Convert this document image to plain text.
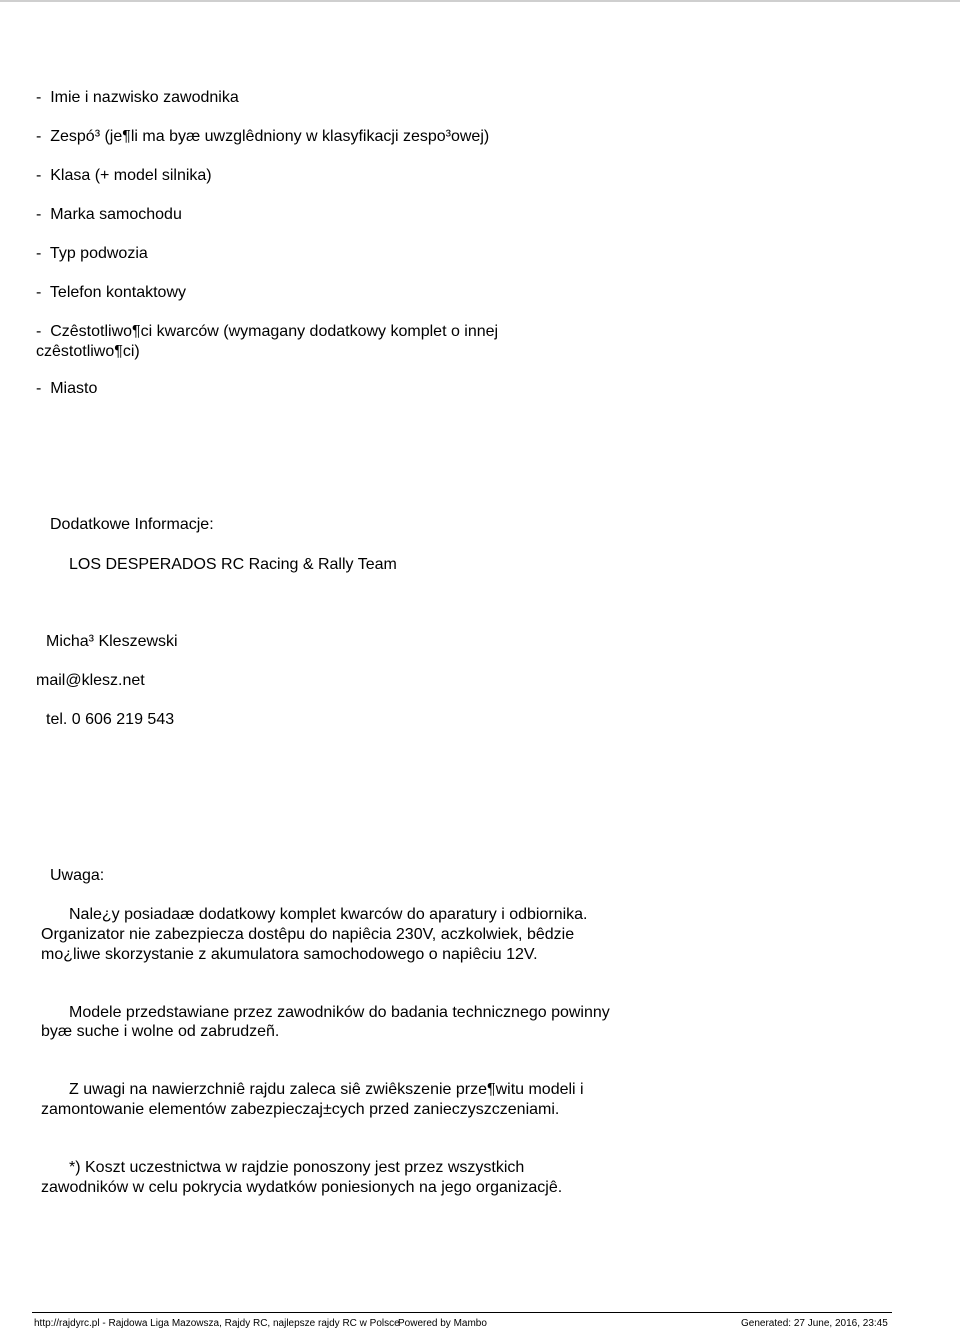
-  Imie i nazwisko zawodnika
-  Zespó³ (je¶li ma byæ uwzglêdniony w klasyfikacji zespo³owej)
-  Klasa (+ model silnika)
-  Marka samochodu
-  Typ podwozia
-  Telefon kontaktowy
-  Czêstotliwo¶ci kwarców (wymagany dodatkowy komplet o innej
czêstotliwo¶ci)
-  Miasto
Dodatkowe Informacje:
LOS DESPERADOS RC Racing & Rally Team
Micha³ Kleszewski
mail@klesz.net
tel. 0 606 219 543
Uwaga:
Nale¿y posiadaæ dodatkowy komplet kwarców do aparatury i odbiornika.
Organizator nie zabezpiecza dostêpu do napiêcia 230V, aczkolwiek, bêdzie
mo¿liwe skorzystanie z akumulatora samochodowego o napiêciu 12V.
Modele przedstawiane przez zawodników do badania technicznego powinny
byæ suche i wolne od zabrudzeñ.
Z uwagi na nawierzchniê rajdu zaleca siê zwiêkszenie prze¶witu modeli i
zamontowanie elementów zabezpieczaj±cych przed zanieczyszczeniami.
*) Koszt uczestnictwa w rajdzie ponoszony jest przez wszystkich
zawodników w celu pokrycia wydatków poniesionych na jego organizacjê.
http://rajdyrc.pl - Rajdowa Liga Mazowsza, Rajdy RC, najlepsze rajdy RC w Polsce
Powered by Mambo	Generated: 27 June, 2016, 23:45
